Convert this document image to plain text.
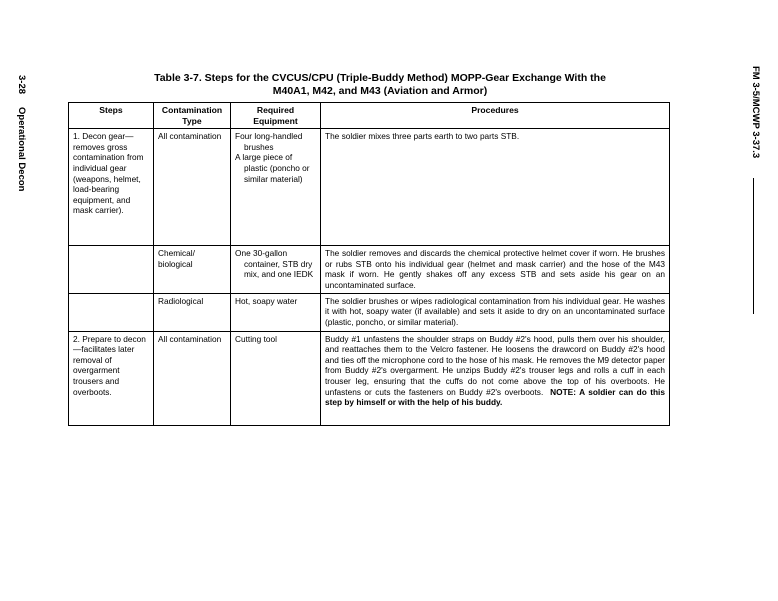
3-28 Operational Decon	FM 3-5/MCWP 3-37.3
Table 3-7. Steps for the CVCUS/CPU (Triple-Buddy Method) MOPP-Gear Exchange With the
M40A1, M42, and M43 (Aviation and Armor)
Steps	Contamination Type	Required Equipment	Procedures
1. Decon gear—removes gross contamination from individual gear (weapons, helmet, load-bearing equipment, and mask carrier).	All contamination	Four long-handled
brushes
A large piece of
plastic (poncho or similar material)	The soldier mixes three parts earth to two parts STB.
	Chemical/ biological	One 30-gallon
container, STB dry mix, and one IEDK	The soldier removes and discards the chemical protective helmet cover if worn. He brushes or rubs STB onto his individual gear (helmet and mask carrier) and the hose of the M43 mask if worn. He gently shakes off any excess STB and sets aside his gear on an uncontaminated surface.
	Radiological	Hot, soapy water	The soldier brushes or wipes radiological contamination from his individual gear. He washes it with hot, soapy water (if available) and sets it aside to dry on an uncontaminated surface (plastic, poncho, or similar material).
2. Prepare to decon—facilitates later removal of overgarment trousers and overboots.	All contamination	Cutting tool	Buddy #1 unfastens the shoulder straps on Buddy #2's hood, pulls them over his shoulder, and reattaches them to the Velcro fastener. He loosens the drawcord on Buddy #2's hood and ties off the microphone cord to the hose of his mask. He removes the M9 detector paper from Buddy #2's overgarment. He unzips Buddy #2's trouser legs and rolls a cuff in each trouser leg, ensuring that the cuffs do not come above the top of his overboots. He unfastens or cuts the fasteners on Buddy #2's overboots. NOTE: A soldier can do this step by himself or with the help of his buddy.
